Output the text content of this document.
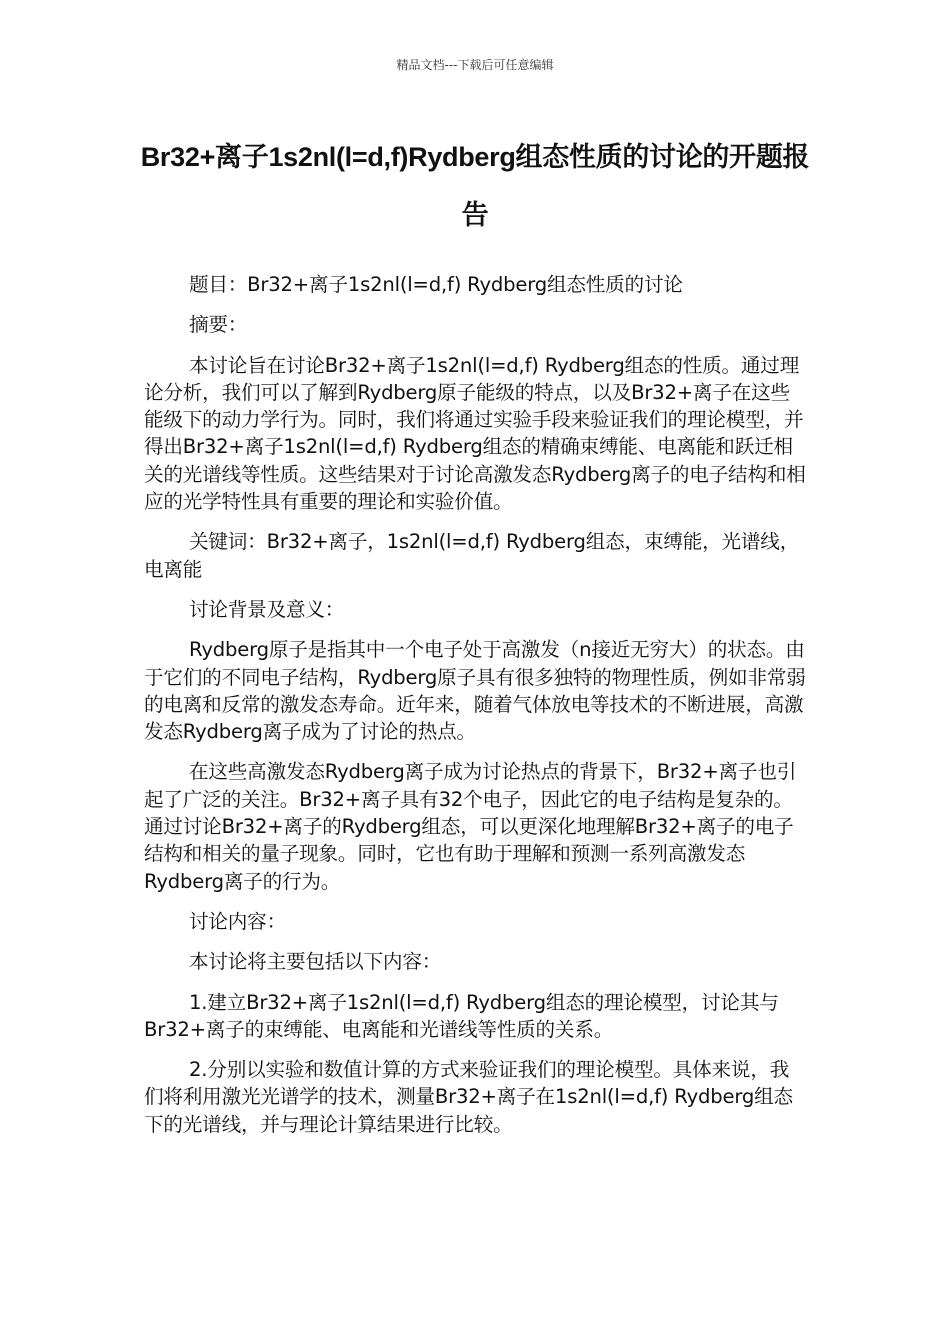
精品文档---下载后可任意编辑
Br32+离子1s2nl(l=d,f)Rydberg组态性质的讨论的开题报告

题目：Br32+离子1s2nl(l=d,f) Rydberg组态性质的讨论

摘要：

本讨论旨在讨论Br32+离子1s2nl(l=d,f) Rydberg组态的性质。通过理论分析，我们可以了解到Rydberg原子能级的特点，以及Br32+离子在这些能级下的动力学行为。同时，我们将通过实验手段来验证我们的理论模型，并得出Br32+离子1s2nl(l=d,f) Rydberg组态的精确束缚能、电离能和跃迁相关的光谱线等性质。这些结果对于讨论高激发态Rydberg离子的电子结构和相应的光学特性具有重要的理论和实验价值。

关键词：Br32+离子，1s2nl(l=d,f) Rydberg组态，束缚能，光谱线，电离能

讨论背景及意义：

Rydberg原子是指其中一个电子处于高激发（n接近无穷大）的状态。由于它们的不同电子结构，Rydberg原子具有很多独特的物理性质，例如非常弱的电离和反常的激发态寿命。近年来，随着气体放电等技术的不断进展，高激发态Rydberg离子成为了讨论的热点。

在这些高激发态Rydberg离子成为讨论热点的背景下，Br32+离子也引起了广泛的关注。Br32+离子具有32个电子，因此它的电子结构是复杂的。通过讨论Br32+离子的Rydberg组态，可以更深化地理解Br32+离子的电子结构和相关的量子现象。同时，它也有助于理解和预测一系列高激发态Rydberg离子的行为。

讨论内容：

本讨论将主要包括以下内容：

1.建立Br32+离子1s2nl(l=d,f) Rydberg组态的理论模型，讨论其与Br32+离子的束缚能、电离能和光谱线等性质的关系。

2.分别以实验和数值计算的方式来验证我们的理论模型。具体来说，我们将利用激光光谱学的技术，测量Br32+离子在1s2nl(l=d,f) Rydberg组态下的光谱线，并与理论计算结果进行比较。
